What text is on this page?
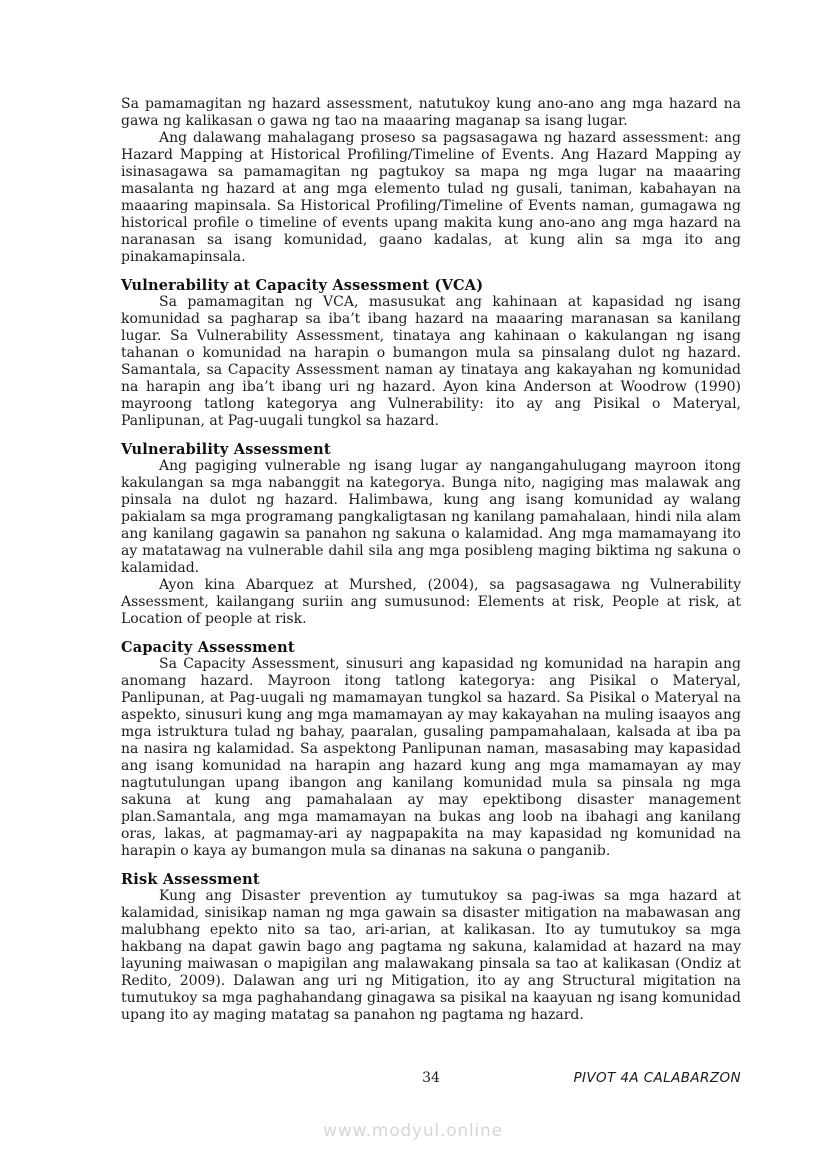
Sa pamamagitan ng hazard assessment, natutukoy kung ano-ano ang mga hazard na gawa ng kalikasan o gawa ng tao na maaaring maganap sa isang lugar.

Ang dalawang mahalagang proseso sa pagsasagawa ng hazard assessment: ang Hazard Mapping at Historical Profiling/Timeline of Events. Ang Hazard Mapping ay isinasagawa sa pamamagitan ng pagtukoy sa mapa ng mga lugar na maaaring masalanta ng hazard at ang mga elemento tulad ng gusali, taniman, kabahayan na maaaring mapinsala. Sa Historical Profiling/Timeline of Events naman, gumagawa ng historical profile o timeline of events upang makita kung ano-ano ang mga hazard na naranasan sa isang komunidad, gaano kadalas, at kung alin sa mga ito ang pinakamapinsala.

Vulnerability at Capacity Assessment (VCA)

Sa pamamagitan ng VCA, masusukat ang kahinaan at kapasidad ng isang komunidad sa pagharap sa iba’t ibang hazard na maaaring maranasan sa kanilang lugar. Sa Vulnerability Assessment, tinataya ang kahinaan o kakulangan ng isang tahanan o komunidad na harapin o bumangon mula sa pinsalang dulot ng hazard. Samantala, sa Capacity Assessment naman ay tinataya ang kakayahan ng komunidad na harapin ang iba’t ibang uri ng hazard. Ayon kina Anderson at Woodrow (1990) mayroong tatlong kategorya ang Vulnerability: ito ay ang Pisikal o Materyal, Panlipunan, at Pag-uugali tungkol sa hazard.

Vulnerability Assessment

Ang pagiging vulnerable ng isang lugar ay nangangahulugang mayroon itong kakulangan sa mga nabanggit na kategorya. Bunga nito, nagiging mas malawak ang pinsala na dulot ng hazard. Halimbawa, kung ang isang komunidad ay walang pakialam sa mga programang pangkaligtasan ng kanilang pamahalaan, hindi nila alam ang kanilang gagawin sa panahon ng sakuna o kalamidad. Ang mga mamamayang ito ay matatawag na vulnerable dahil sila ang mga posibleng maging biktima ng sakuna o kalamidad.

Ayon kina Abarquez at Murshed, (2004), sa pagsasagawa ng Vulnerability Assessment, kailangang suriin ang sumusunod: Elements at risk, People at risk, at Location of people at risk.

Capacity Assessment

Sa Capacity Assessment, sinusuri ang kapasidad ng komunidad na harapin ang anomang hazard. Mayroon itong tatlong kategorya: ang Pisikal o Materyal, Panlipunan, at Pag-uugali ng mamamayan tungkol sa hazard. Sa Pisikal o Materyal na aspekto, sinusuri kung ang mga mamamayan ay may kakayahan na muling isaayos ang mga istruktura tulad ng bahay, paaralan, gusaling pampamahalaan, kalsada at iba pa na nasira ng kalamidad. Sa aspektong Panlipunan naman, masasabing may kapasidad ang isang komunidad na harapin ang hazard kung ang mga mamamayan ay may nagtutulungan upang ibangon ang kanilang komunidad mula sa pinsala ng mga sakuna at kung ang pamahalaan ay may epektibong disaster management plan.Samantala, ang mga mamamayan na bukas ang loob na ibahagi ang kanilang oras, lakas, at pagmamay-ari ay nagpapakita na may kapasidad ng komunidad na harapin o kaya ay bumangon mula sa dinanas na sakuna o panganib.

Risk Assessment

Kung ang Disaster prevention ay tumutukoy sa pag-iwas sa mga hazard at kalamidad, sinisikap naman ng mga gawain sa disaster mitigation na mabawasan ang malubhang epekto nito sa tao, ari-arian, at kalikasan. Ito ay tumutukoy sa mga hakbang na dapat gawin bago ang pagtama ng sakuna, kalamidad at hazard na may layuning maiwasan o mapigilan ang malawakang pinsala sa tao at kalikasan (Ondiz at Redito, 2009). Dalawan ang uri ng Mitigation, ito ay ang Structural migitation na tumutukoy sa mga paghahandang ginagawa sa pisikal na kaayuan ng isang komunidad upang ito ay maging matatag sa panahon ng pagtama ng hazard.

34	PIVOT 4A CALABARZON
www.modyul.online
